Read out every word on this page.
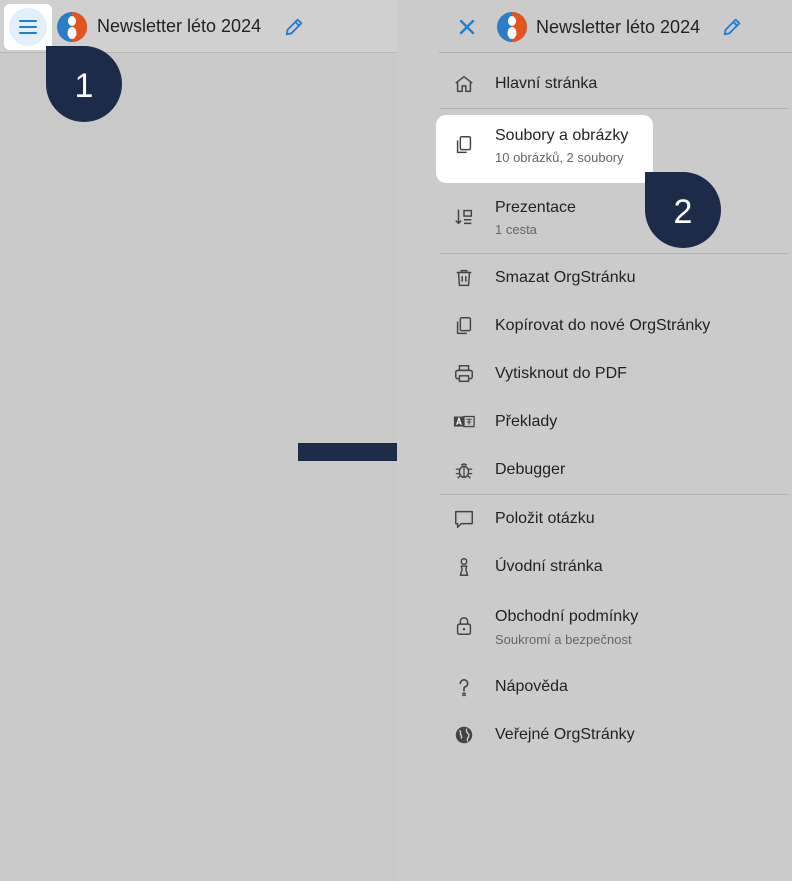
Newsletter léto 2024
1
Newsletter léto 2024
Hlavní stránka
Soubory a obrázky
10 obrázků, 2 soubory
Prezentace
1 cesta
Smazat OrgStránku
Kopírovat do nové OrgStránky
Vytisknout do PDF
Překlady
Debugger
Položit otázku
Úvodní stránka
Obchodní podmínky
Soukromí a bezpečnost
Nápověda
Veřejné OrgStránky
2
